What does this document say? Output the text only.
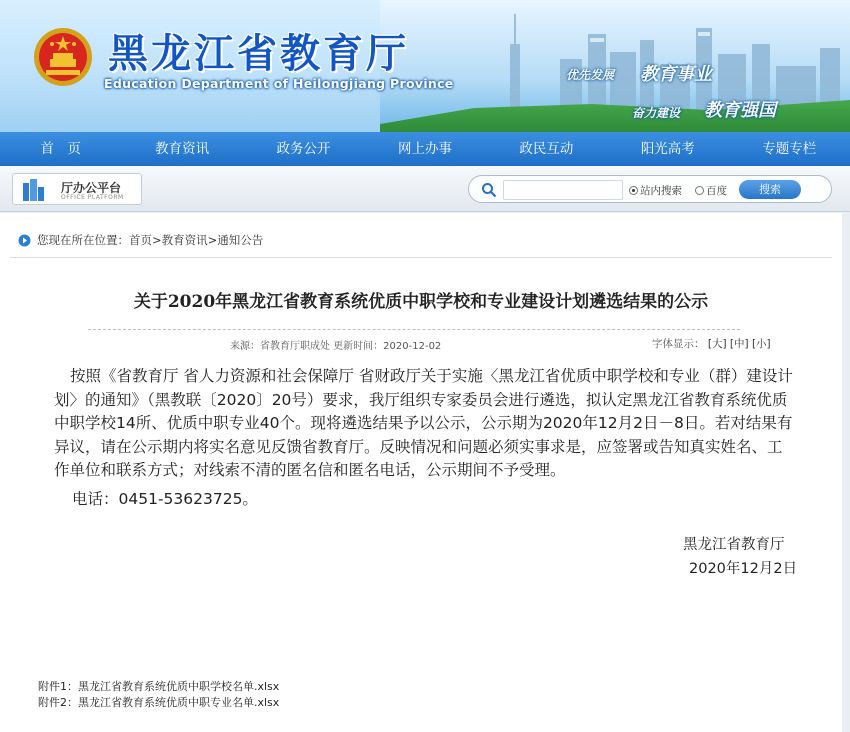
黑龙江省教育厅
Education Department of Heilongjiang Province
优先发展 教育事业
奋力建设 教育强国
首　页	教育资讯	政务公开	网上办事	政民互动	阳光高考	专题专栏
厅办公平台
OFFICE PLATFORM
站内搜索 百度	搜索
您现在所在位置： 首页 > 教育资讯 > 通知公告
关于2020年黑龙江省教育系统优质中职学校和专业建设计划遴选结果的公示
来源：省教育厅职成处 更新时间：2020-12-02	字体显示： [大] [中] [小]

按照《省教育厅 省人力资源和社会保障厅 省财政厅关于实施〈黑龙江省优质中职学校和专业（群）建设计划〉的通知》（黑教联〔2020〕20号）要求，我厅组织专家委员会进行遴选，拟认定黑龙江省教育系统优质中职学校14所、优质中职专业40个。现将遴选结果予以公示，公示期为2020年12月2日－8日。若对结果有异议，请在公示期内将实名意见反馈省教育厅。反映情况和问题必须实事求是，应签署或告知真实姓名、工作单位和联系方式；对线索不清的匿名信和匿名电话，公示期间不予受理。

电话：0451-53623725。
黑龙江省教育厅
2020年12月2日
附件1：黑龙江省教育系统优质中职学校名单.xlsx
附件2：黑龙江省教育系统优质中职专业名单.xlsx
